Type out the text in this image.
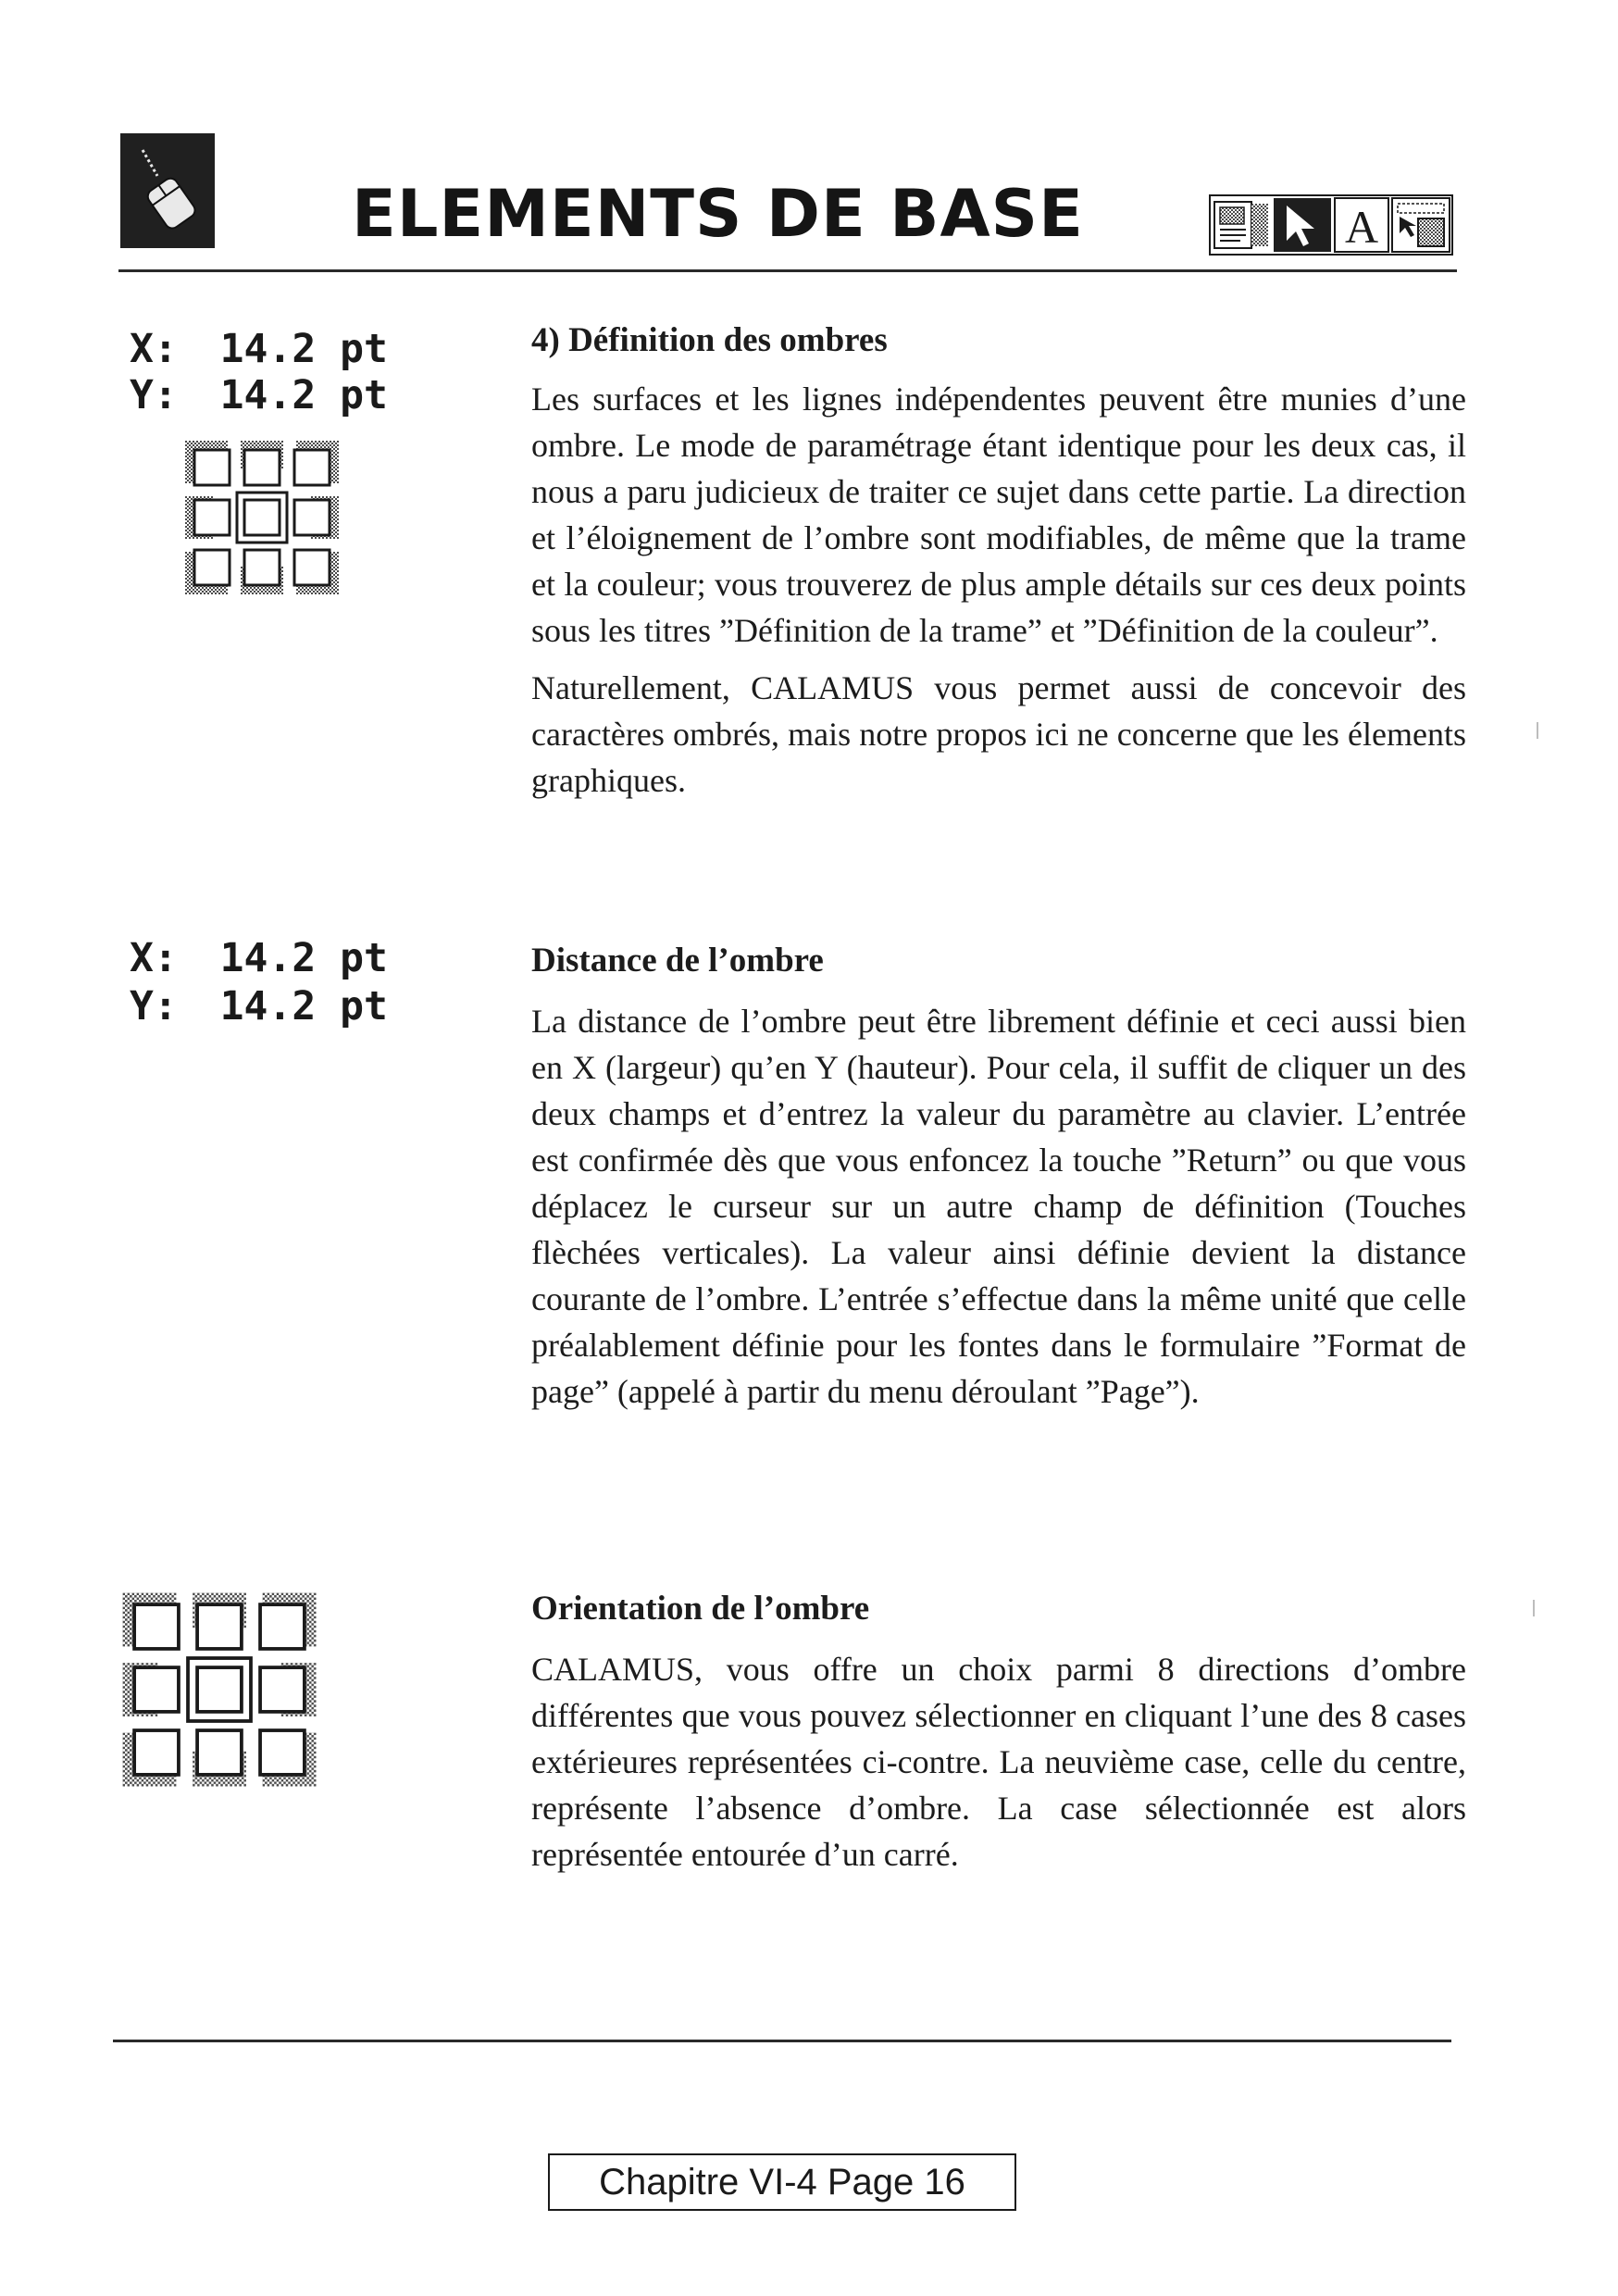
ELEMENTS DE BASE	A
X: 14.2 pt
Y: 14.2 pt
X: 14.2 pt
Y: 14.2 pt
4) Définition des ombres

Les surfaces et les lignes indépendentes peuvent être munies d’une ombre. Le mode de paramétrage étant identique pour les deux cas, il nous a paru judicieux de traiter ce sujet dans cette partie. La direction et l’éloignement de l’ombre sont modifiables, de même que la trame et la couleur; vous trouverez de plus ample détails sur ces deux points sous les titres ”Définition de la trame” et ”Définition de la couleur”.

Naturellement, CALAMUS vous permet aussi de concevoir des caractères ombrés, mais notre propos ici ne concerne que les élements graphiques.

Distance de l’ombre

La distance de l’ombre peut être librement définie et ceci aussi bien en X (largeur) qu’en Y (hauteur). Pour cela, il suffit de cliquer un des deux champs et d’entrez la valeur du paramètre au clavier. L’entrée est confirmée dès que vous enfoncez la touche ”Return” ou que vous déplacez le curseur sur un autre champ de définition (Touches flèchées verticales). La valeur ainsi définie devient la distance courante de l’ombre. L’entrée s’effectue dans la même unité que celle préalablement définie pour les fontes dans le formulaire ”Format de page” (appelé à partir du menu déroulant ”Page”).

Orientation de l’ombre

CALAMUS, vous offre un choix parmi 8 directions d’ombre différentes que vous pouvez sélectionner en cliquant l’une des 8 cases extérieures représentées ci-contre. La neuvième case, celle du centre, représente l’absence d’ombre. La case sélectionnée est alors représentée entourée d’un carré.

Chapitre VI-4 Page 16
